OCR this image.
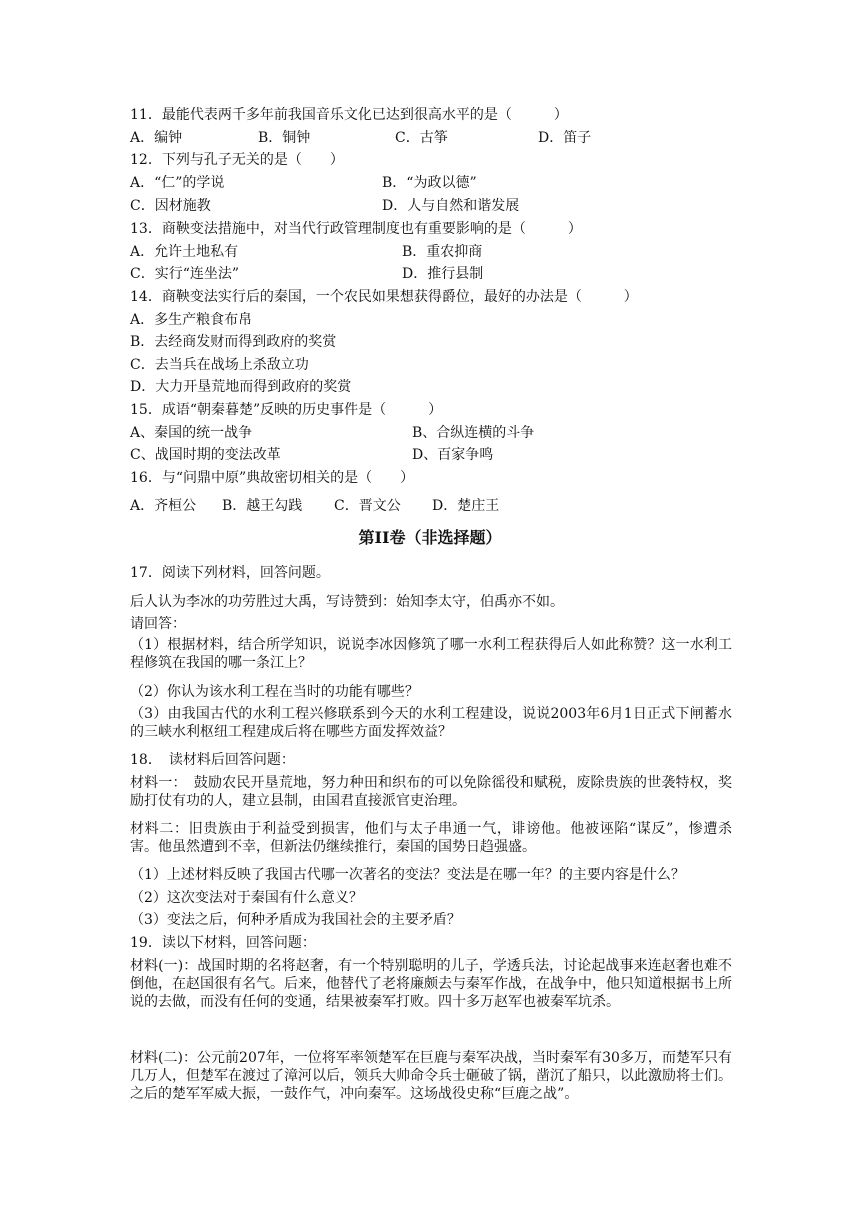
11．最能代表两千多年前我国音乐文化已达到很高水平的是（　　　）
A．编钟	B．铜钟	C．古筝	D．笛子
12．下列与孔子无关的是（　　）
A．“仁”的学说	B．“为政以德”
C．因材施教	D．人与自然和谐发展
13．商鞅变法措施中，对当代行政管理制度也有重要影响的是（　　　）
A．允许土地私有	B．重农抑商
C．实行“连坐法”	D．推行县制
14．商鞅变法实行后的秦国，一个农民如果想获得爵位，最好的办法是（　　　）
A．多生产粮食布帛
B．去经商发财而得到政府的奖赏
C．去当兵在战场上杀敌立功
D．大力开垦荒地而得到政府的奖赏
15．成语“朝秦暮楚”反映的历史事件是（　　　）
A、秦国的统一战争	B、合纵连横的斗争
C、战国时期的变法改革	D、百家争鸣
16．与“问鼎中原”典故密切相关的是（　　）
A．齐桓公 B．越王勾践 C．晋文公 D．楚庄王
第II卷（非选择题）
17．阅读下列材料，回答问题。
后人认为李冰的功劳胜过大禹，写诗赞到：始知李太守，伯禹亦不如。
请回答：
（1）根据材料，结合所学知识，说说李冰因修筑了哪一水利工程获得后人如此称赞？这一水利工程修筑在我国的哪一条江上？
（2）你认为该水利工程在当时的功能有哪些？
（3）由我国古代的水利工程兴修联系到今天的水利工程建设，说说2003年6月1日正式下闸蓄水的三峡水利枢纽工程建成后将在哪些方面发挥效益？
18．　读材料后回答问题：
材料一：　鼓励农民开垦荒地，努力种田和织布的可以免除徭役和赋税，废除贵族的世袭特权，奖励打仗有功的人，建立县制，由国君直接派官吏治理。
材料二：旧贵族由于利益受到损害，他们与太子串通一气，诽谤他。他被诬陷“谋反”，惨遭杀害。他虽然遭到不幸，但新法仍继续推行，秦国的国势日趋强盛。
（1）上述材料反映了我国古代哪一次著名的变法？变法是在哪一年？的主要内容是什么？
（2）这次变法对于秦国有什么意义？
（3）变法之后，何种矛盾成为我国社会的主要矛盾？
19．读以下材料，回答问题：
材料(一)：战国时期的名将赵奢，有一个特别聪明的儿子，学透兵法，讨论起战事来连赵奢也难不倒他，在赵国很有名气。后来，他替代了老将廉颇去与秦军作战，在战争中，他只知道根据书上所说的去做，而没有任何的变通，结果被秦军打败。四十多万赵军也被秦军坑杀。
材料(二)：公元前207年，一位将军率领楚军在巨鹿与秦军决战，当时秦军有30多万，而楚军只有几万人，但楚军在渡过了漳河以后，领兵大帅命令兵士砸破了锅，凿沉了船只，以此激励将士们。之后的楚军军威大振，一鼓作气，冲向秦军。这场战役史称“巨鹿之战”。
